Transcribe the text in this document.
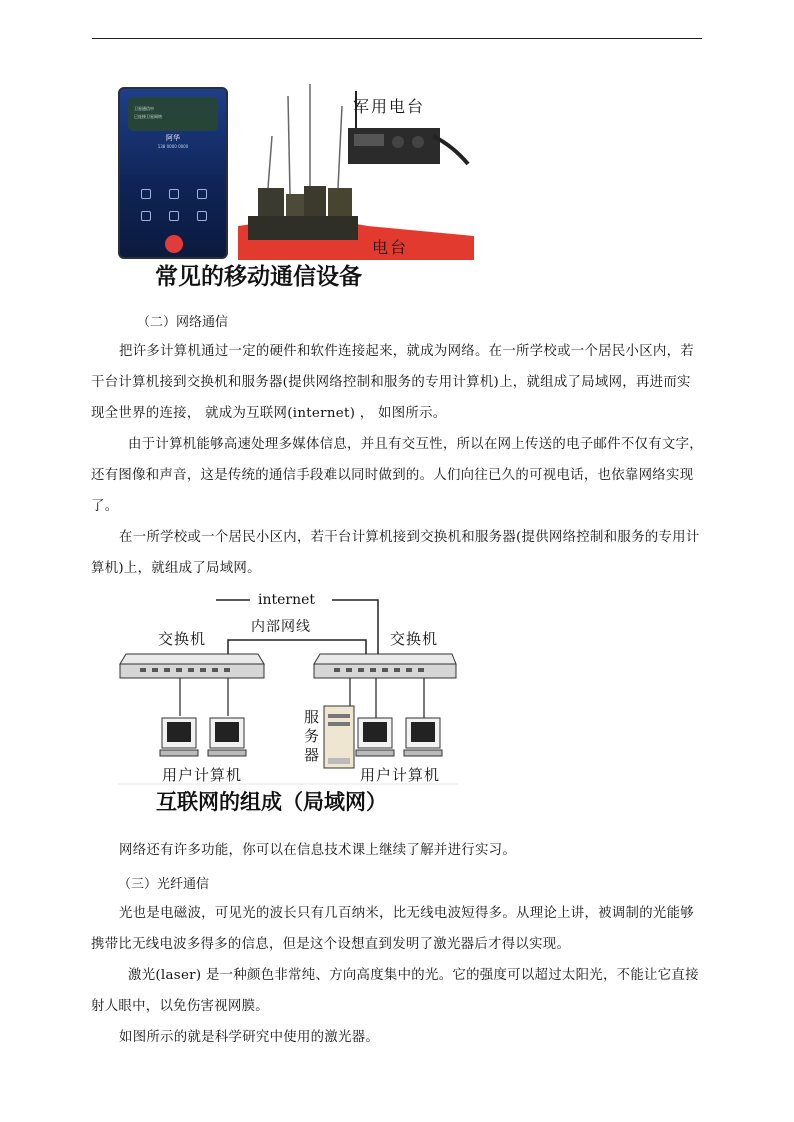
卫星通信中
已连接卫星网络
阿华
138 0000 0000
军用电台
电台
常见的移动通信设备
（二）网络通信

把许多计算机通过一定的硬件和软件连接起来，就成为网络。在一所学校或一个居民小区内，若干台计算机接到交换机和服务器(提供网络控制和服务的专用计算机)上，就组成了局域网，再进而实现全世界的连接， 就成为互联网(internet) ， 如图所示。

由于计算机能够高速处理多媒体信息，并且有交互性，所以在网上传送的电子邮件不仅有文字，还有图像和声音，这是传统的通信手段难以同时做到的。人们向往已久的可视电话，也依靠网络实现了。

在一所学校或一个居民小区内，若干台计算机接到交换机和服务器(提供网络控制和服务的专用计算机)上，就组成了局域网。

internet
内部网线
交换机	交换机
服
务
器
用户计算机	用户计算机
互联网的组成（局域网）

网络还有许多功能，你可以在信息技术课上继续了解并进行实习。

（三）光纤通信

光也是电磁波，可见光的波长只有几百纳米，比无线电波短得多。从理论上讲，被调制的光能够携带比无线电波多得多的信息，但是这个设想直到发明了激光器后才得以实现。

激光(laser) 是一种颜色非常纯、方向高度集中的光。它的强度可以超过太阳光，不能让它直接射人眼中，以免伤害视网膜。

如图所示的就是科学研究中使用的激光器。
